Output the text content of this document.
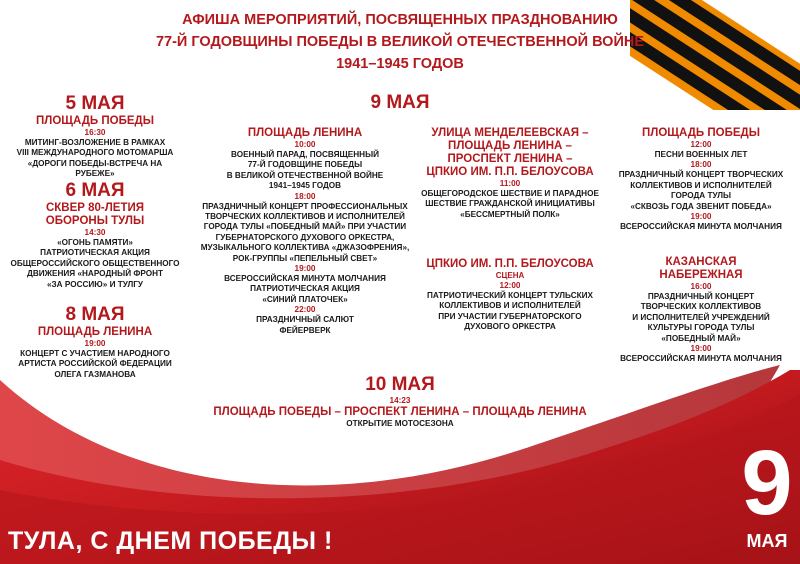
АФИША МЕРОПРИЯТИЙ, ПОСВЯЩЕННЫХ ПРАЗДНОВАНИЮ
77-Й ГОДОВЩИНЫ ПОБЕДЫ В ВЕЛИКОЙ ОТЕЧЕСТВЕННОЙ ВОЙНЕ
1941–1945 ГОДОВ
5 МАЯ
ПЛОЩАДЬ ПОБЕДЫ
16:30
МИТИНГ-ВОЗЛОЖЕНИЕ В РАМКАХ
VIII МЕЖДУНАРОДНОГО МОТОМАРША
«ДОРОГИ ПОБЕДЫ-ВСТРЕЧА НА РУБЕЖЕ»
6 МАЯ
СКВЕР 80-ЛЕТИЯ
ОБОРОНЫ ТУЛЫ
14:30
«ОГОНЬ ПАМЯТИ»
ПАТРИОТИЧЕСКАЯ АКЦИЯ
ОБЩЕРОССИЙСКОГО ОБЩЕСТВЕННОГО
ДВИЖЕНИЯ «НАРОДНЫЙ ФРОНТ
«ЗА РОССИЮ» И ТУЛГУ
8 МАЯ
ПЛОЩАДЬ ЛЕНИНА
19:00
КОНЦЕРТ С УЧАСТИЕМ НАРОДНОГО
АРТИСТА РОССИЙСКОЙ ФЕДЕРАЦИИ
ОЛЕГА ГАЗМАНОВА
9 МАЯ
ПЛОЩАДЬ ЛЕНИНА
10:00
ВОЕННЫЙ ПАРАД, ПОСВЯЩЕННЫЙ
77-Й ГОДОВЩИНЕ ПОБЕДЫ
В ВЕЛИКОЙ ОТЕЧЕСТВЕННОЙ ВОЙНЕ
1941–1945 ГОДОВ
18:00
ПРАЗДНИЧНЫЙ КОНЦЕРТ ПРОФЕССИОНАЛЬНЫХ
ТВОРЧЕСКИХ КОЛЛЕКТИВОВ И ИСПОЛНИТЕЛЕЙ
ГОРОДА ТУЛЫ «ПОБЕДНЫЙ МАЙ» ПРИ УЧАСТИИ
ГУБЕРНАТОРСКОГО ДУХОВОГО ОРКЕСТРА,
МУЗЫКАЛЬНОГО КОЛЛЕКТИВА «ДЖАЗОФРЕНИЯ»,
РОК-ГРУППЫ «ПЕПЕЛЬНЫЙ СВЕТ»
19:00
ВСЕРОССИЙСКАЯ МИНУТА МОЛЧАНИЯ
ПАТРИОТИЧЕСКАЯ АКЦИЯ
«СИНИЙ ПЛАТОЧЕК»
22:00
ПРАЗДНИЧНЫЙ САЛЮТ
ФЕЙЕРВЕРК
УЛИЦА МЕНДЕЛЕЕВСКАЯ –
ПЛОЩАДЬ ЛЕНИНА –
ПРОСПЕКТ ЛЕНИНА –
ЦПКИО ИМ. П.П. БЕЛОУСОВА
11:00
ОБЩЕГОРОДСКОЕ ШЕСТВИЕ И ПАРАДНОЕ
ШЕСТВИЕ ГРАЖДАНСКОЙ ИНИЦИАТИВЫ
«БЕССМЕРТНЫЙ ПОЛК»
ЦПКИО ИМ. П.П. БЕЛОУСОВА
СЦЕНА
12:00
ПАТРИОТИЧЕСКИЙ КОНЦЕРТ ТУЛЬСКИХ
КОЛЛЕКТИВОВ И ИСПОЛНИТЕЛЕЙ
ПРИ УЧАСТИИ ГУБЕРНАТОРСКОГО
ДУХОВОГО ОРКЕСТРА
ПЛОЩАДЬ ПОБЕДЫ
12:00
ПЕСНИ ВОЕННЫХ ЛЕТ
18:00
ПРАЗДНИЧНЫЙ КОНЦЕРТ ТВОРЧЕСКИХ
КОЛЛЕКТИВОВ И ИСПОЛНИТЕЛЕЙ
ГОРОДА ТУЛЫ
«СКВОЗЬ ГОДА ЗВЕНИТ ПОБЕДА»
19:00
ВСЕРОССИЙСКАЯ МИНУТА МОЛЧАНИЯ
КАЗАНСКАЯ
НАБЕРЕЖНАЯ
16:00
ПРАЗДНИЧНЫЙ КОНЦЕРТ
ТВОРЧЕСКИХ КОЛЛЕКТИВОВ
И ИСПОЛНИТЕЛЕЙ УЧРЕЖДЕНИЙ
КУЛЬТУРЫ ГОРОДА ТУЛЫ
«ПОБЕДНЫЙ МАЙ»
19:00
ВСЕРОССИЙСКАЯ МИНУТА МОЛЧАНИЯ
10 МАЯ
14:23
ПЛОЩАДЬ ПОБЕДЫ – ПРОСПЕКТ ЛЕНИНА – ПЛОЩАДЬ ЛЕНИНА
ОТКРЫТИЕ МОТОСЕЗОНА
ТУЛА, С ДНЕМ ПОБЕДЫ !
9
МАЯ
